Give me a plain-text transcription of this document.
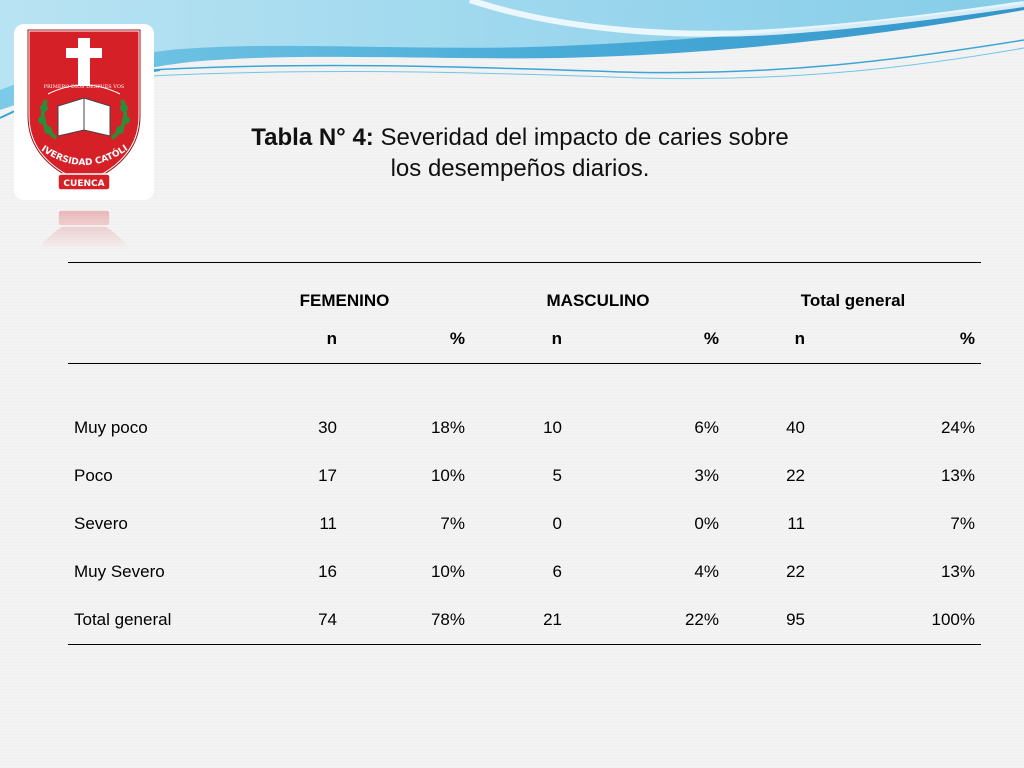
PRIMERO DIOS DESPUES VOS
IVERSIDAD CATÓLI
CUENCA
Tabla N° 4: Severidad del impacto de caries sobre
los desempeños diarios.
	FEMENINO		MASCULINO		Total general	
	n	%	n	%	n	%

Muy poco	30	18%	10	6%	40	24%
Poco	17	10%	5	3%	22	13%
Severo	11	7%	0	0%	11	7%
Muy Severo	16	10%	6	4%	22	13%
Total general	74	78%	21	22%	95	100%
